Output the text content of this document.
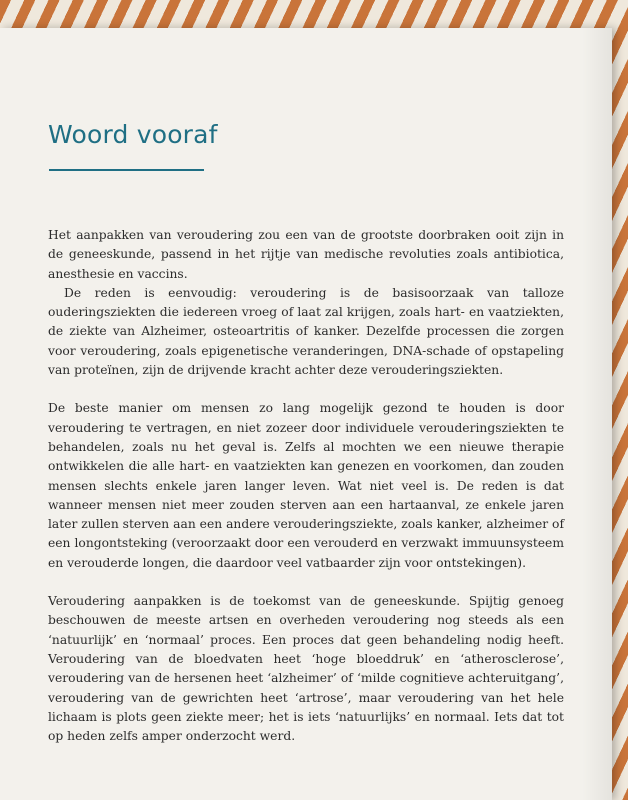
Woord vooraf

Het aanpakken van veroudering zou een van de grootste doorbraken ooit zijn in de geneeskunde, passend in het rijtje van medische revoluties zoals antibiotica, anesthesie en vaccins.

De reden is eenvoudig: veroudering is de basisoorzaak van talloze ouderingsziekten die iedereen vroeg of laat zal krijgen, zoals hart- en vaatziekten, de ziekte van Alzheimer, osteoartritis of kanker. Dezelfde processen die zorgen voor veroudering, zoals epigenetische veranderingen, DNA-schade of opstapeling van proteïnen, zijn de drijvende kracht achter deze verouderingsziekten.

De beste manier om mensen zo lang mogelijk gezond te houden is door veroudering te vertragen, en niet zozeer door individuele verouderingsziekten te behandelen, zoals nu het geval is. Zelfs al mochten we een nieuwe therapie ontwikkelen die alle hart- en vaatziekten kan genezen en voorkomen, dan zouden mensen slechts enkele jaren langer leven. Wat niet veel is. De reden is dat wanneer mensen niet meer zouden sterven aan een hartaanval, ze enkele jaren later zullen sterven aan een andere verouderingsziekte, zoals kanker, alzheimer of een longontsteking (veroorzaakt door een verouderd en verzwakt immuunsysteem en verouderde longen, die daardoor veel vatbaarder zijn voor ontstekingen).

Veroudering aanpakken is de toekomst van de geneeskunde. Spijtig genoeg beschouwen de meeste artsen en overheden veroudering nog steeds als een ‘natuurlijk’ en ‘normaal’ proces. Een proces dat geen behandeling nodig heeft. Veroudering van de bloedvaten heet ‘hoge bloeddruk’ en ‘atherosclerose’, veroudering van de hersenen heet ‘alzheimer’ of ‘milde cognitieve achteruitgang’, veroudering van de gewrichten heet ‘artrose’, maar veroudering van het hele lichaam is plots geen ziekte meer; het is iets ‘natuurlijks’ en normaal. Iets dat tot op heden zelfs amper onderzocht werd.
